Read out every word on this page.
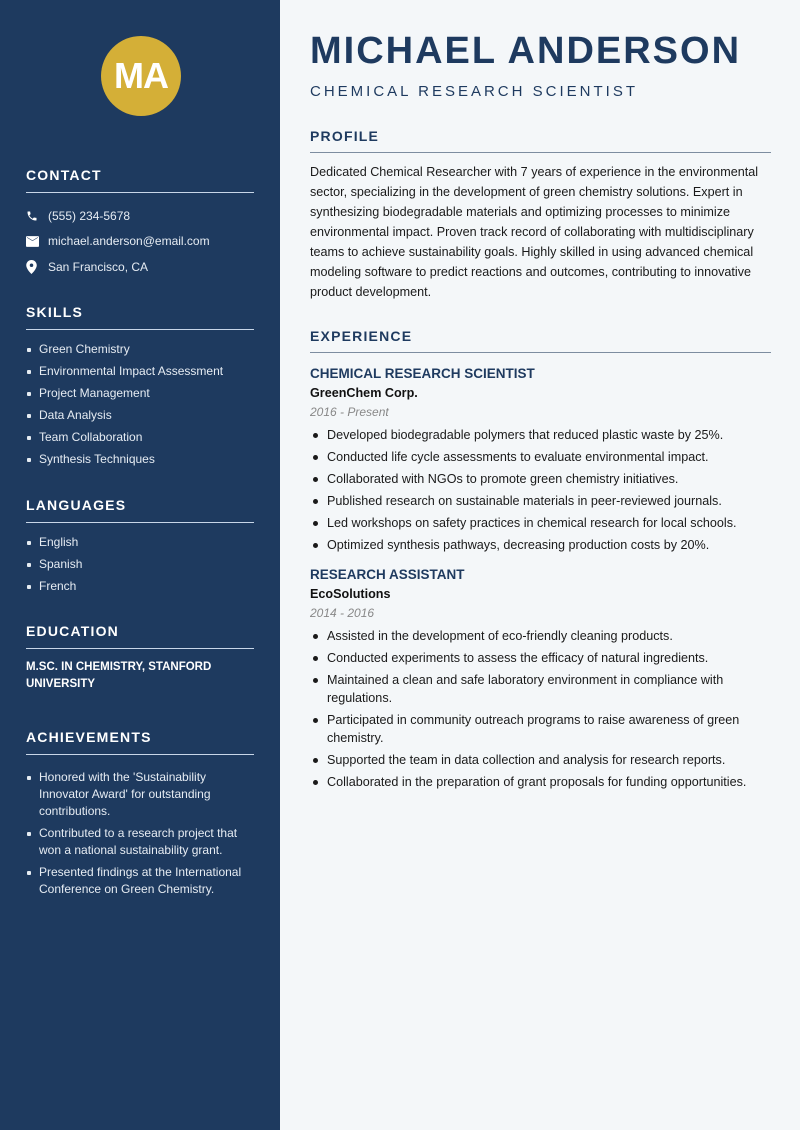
MA
CONTACT
(555) 234-5678
michael.anderson@email.com
San Francisco, CA
SKILLS
Green Chemistry
Environmental Impact Assessment
Project Management
Data Analysis
Team Collaboration
Synthesis Techniques
LANGUAGES
English
Spanish
French
EDUCATION
M.SC. IN CHEMISTRY, STANFORD UNIVERSITY
ACHIEVEMENTS
Honored with the 'Sustainability Innovator Award' for outstanding contributions.
Contributed to a research project that won a national sustainability grant.
Presented findings at the International Conference on Green Chemistry.
MICHAEL ANDERSON
CHEMICAL RESEARCH SCIENTIST
PROFILE

Dedicated Chemical Researcher with 7 years of experience in the environmental sector, specializing in the development of green chemistry solutions. Expert in synthesizing biodegradable materials and optimizing processes to minimize environmental impact. Proven track record of collaborating with multidisciplinary teams to achieve sustainability goals. Highly skilled in using advanced chemical modeling software to predict reactions and outcomes, contributing to innovative product development.

EXPERIENCE
CHEMICAL RESEARCH SCIENTIST
GreenChem Corp.
2016 - Present
Developed biodegradable polymers that reduced plastic waste by 25%.
Conducted life cycle assessments to evaluate environmental impact.
Collaborated with NGOs to promote green chemistry initiatives.
Published research on sustainable materials in peer-reviewed journals.
Led workshops on safety practices in chemical research for local schools.
Optimized synthesis pathways, decreasing production costs by 20%.
RESEARCH ASSISTANT
EcoSolutions
2014 - 2016
Assisted in the development of eco-friendly cleaning products.
Conducted experiments to assess the efficacy of natural ingredients.
Maintained a clean and safe laboratory environment in compliance with regulations.
Participated in community outreach programs to raise awareness of green chemistry.
Supported the team in data collection and analysis for research reports.
Collaborated in the preparation of grant proposals for funding opportunities.
